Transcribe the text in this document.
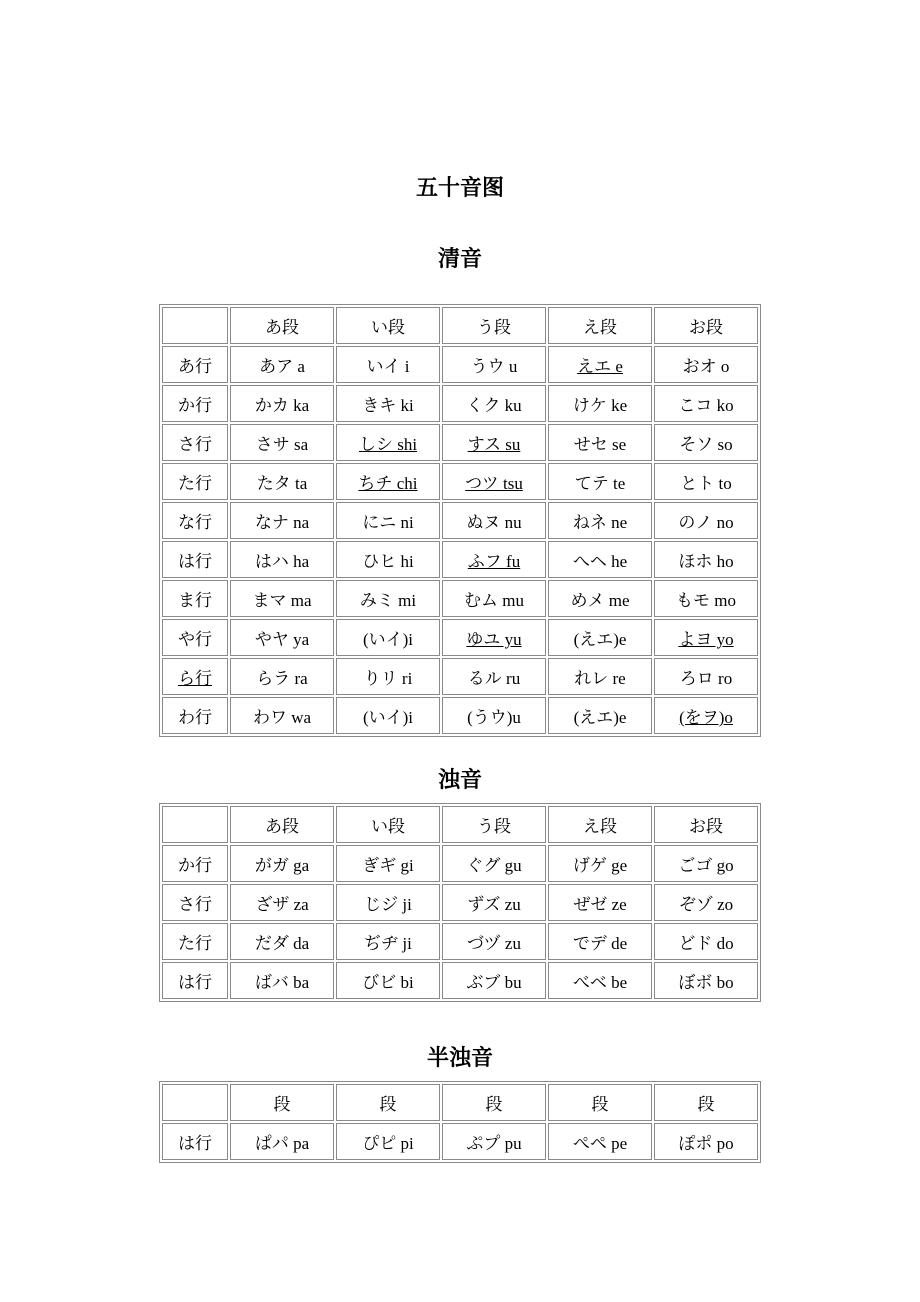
五十音图
清音
	あ段	い段	う段	え段	お段
あ行	あア a	いイ i	うウ u	えエ e	おオ o
か行	かカ ka	きキ ki	くク ku	けケ ke	こコ ko
さ行	さサ sa	しシ shi	すス su	せセ se	そソ so
た行	たタ ta	ちチ chi	つツ tsu	てテ te	とト to
な行	なナ na	にニ ni	ぬヌ nu	ねネ ne	のノ no
は行	はハ ha	ひヒ hi	ふフ fu	へヘ he	ほホ ho
ま行	まマ ma	みミ mi	むム mu	めメ me	もモ mo
や行	やヤ ya	(いイ)i	ゆユ yu	(えエ)e	よヨ yo
ら行	らラ ra	りリ ri	るル ru	れレ re	ろロ ro
わ行	わワ wa	(いイ)i	(うウ)u	(えエ)e	(をヲ)o
浊音
	あ段	い段	う段	え段	お段
か行	がガ ga	ぎギ gi	ぐグ gu	げゲ ge	ごゴ go
さ行	ざザ za	じジ ji	ずズ zu	ぜゼ ze	ぞゾ zo
た行	だダ da	ぢヂ ji	づヅ zu	でデ de	どド do
は行	ばバ ba	びビ bi	ぶブ bu	べベ be	ぼボ bo
半浊音
	段	段	段	段	段
は行	ぱパ pa	ぴピ pi	ぷプ pu	ぺペ pe	ぽポ po
